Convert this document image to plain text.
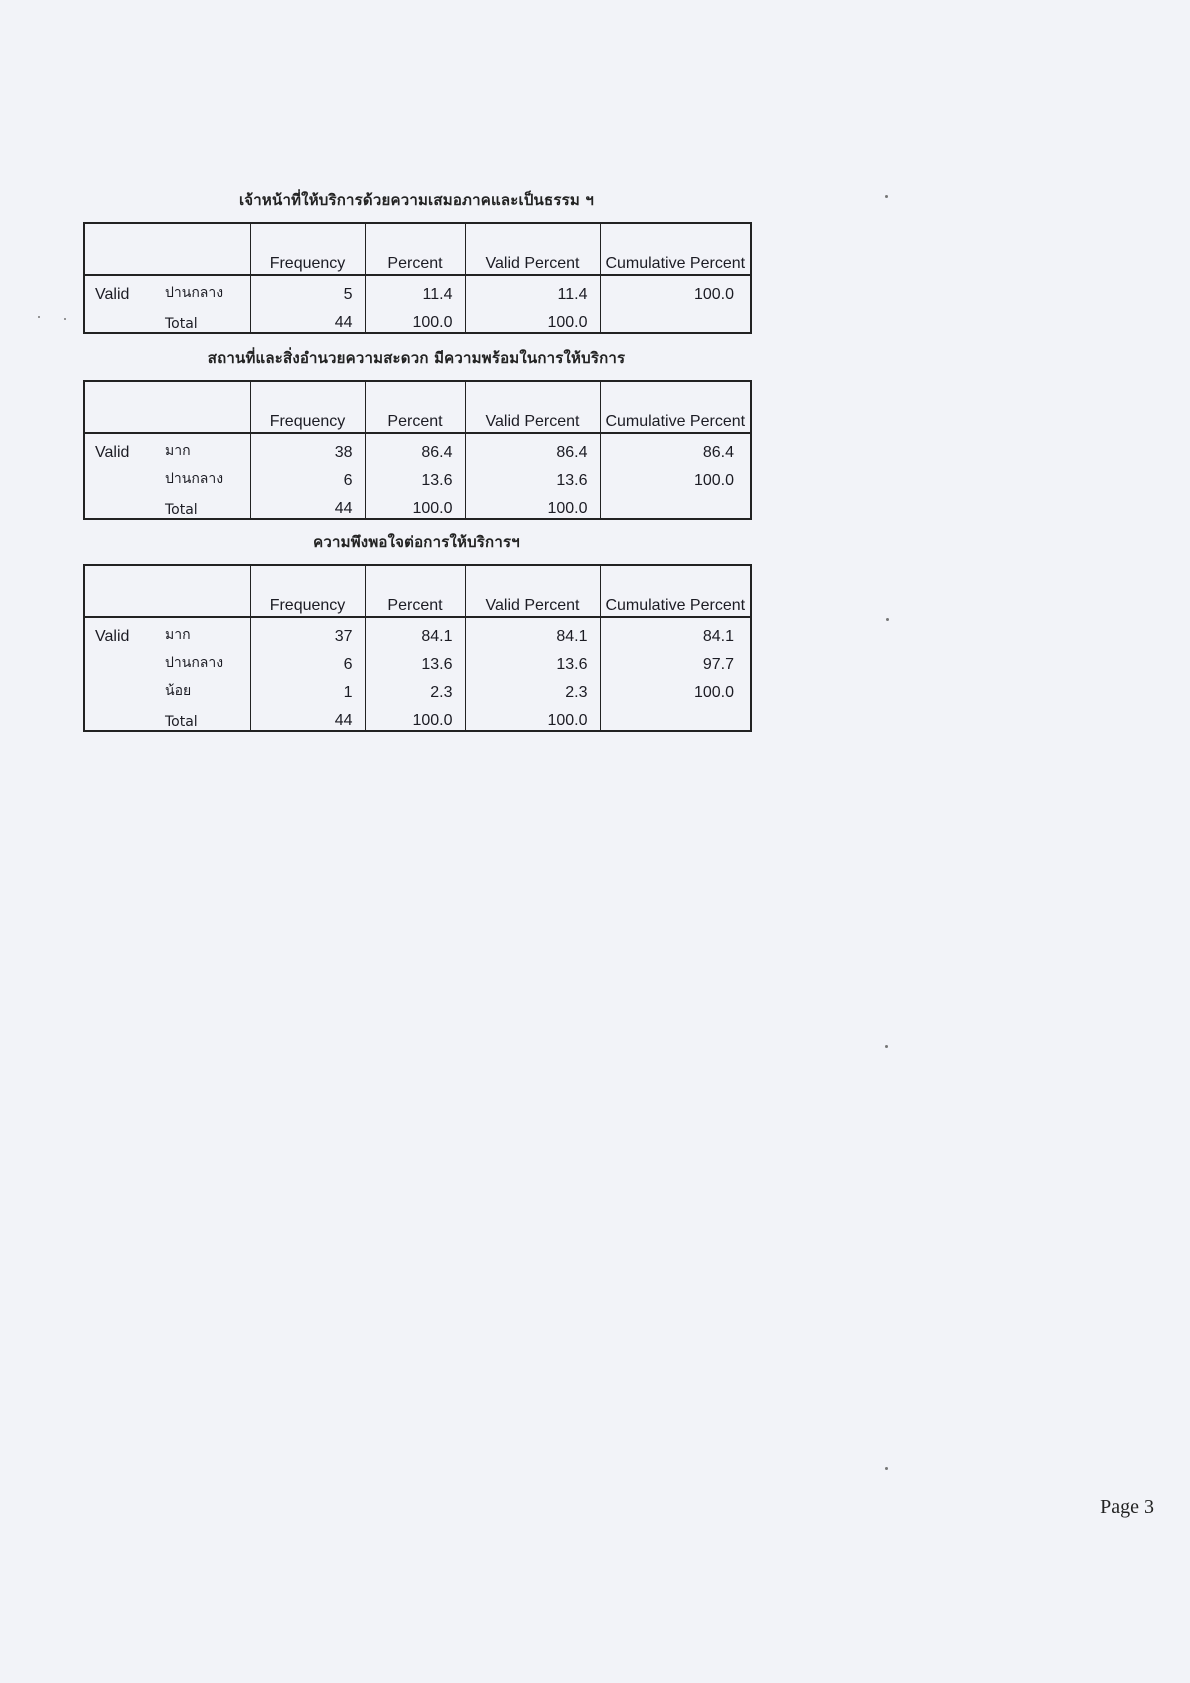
เจ้าหน้าที่ให้บริการด้วยความเสมอภาคและเป็นธรรม ฯ
		Frequency	Percent	Valid Percent	Cumulative Percent
Valid	ปานกลาง	5	11.4	11.4	100.0
	Total	44	100.0	100.0	
สถานที่และสิ่งอำนวยความสะดวก มีความพร้อมในการให้บริการ
		Frequency	Percent	Valid Percent	Cumulative Percent
Valid	มาก	38	86.4	86.4	86.4
	ปานกลาง	6	13.6	13.6	100.0
	Total	44	100.0	100.0	
ความพึงพอใจต่อการให้บริการฯ
		Frequency	Percent	Valid Percent	Cumulative Percent
Valid	มาก	37	84.1	84.1	84.1
	ปานกลาง	6	13.6	13.6	97.7
	น้อย	1	2.3	2.3	100.0
	Total	44	100.0	100.0	
Page 3
